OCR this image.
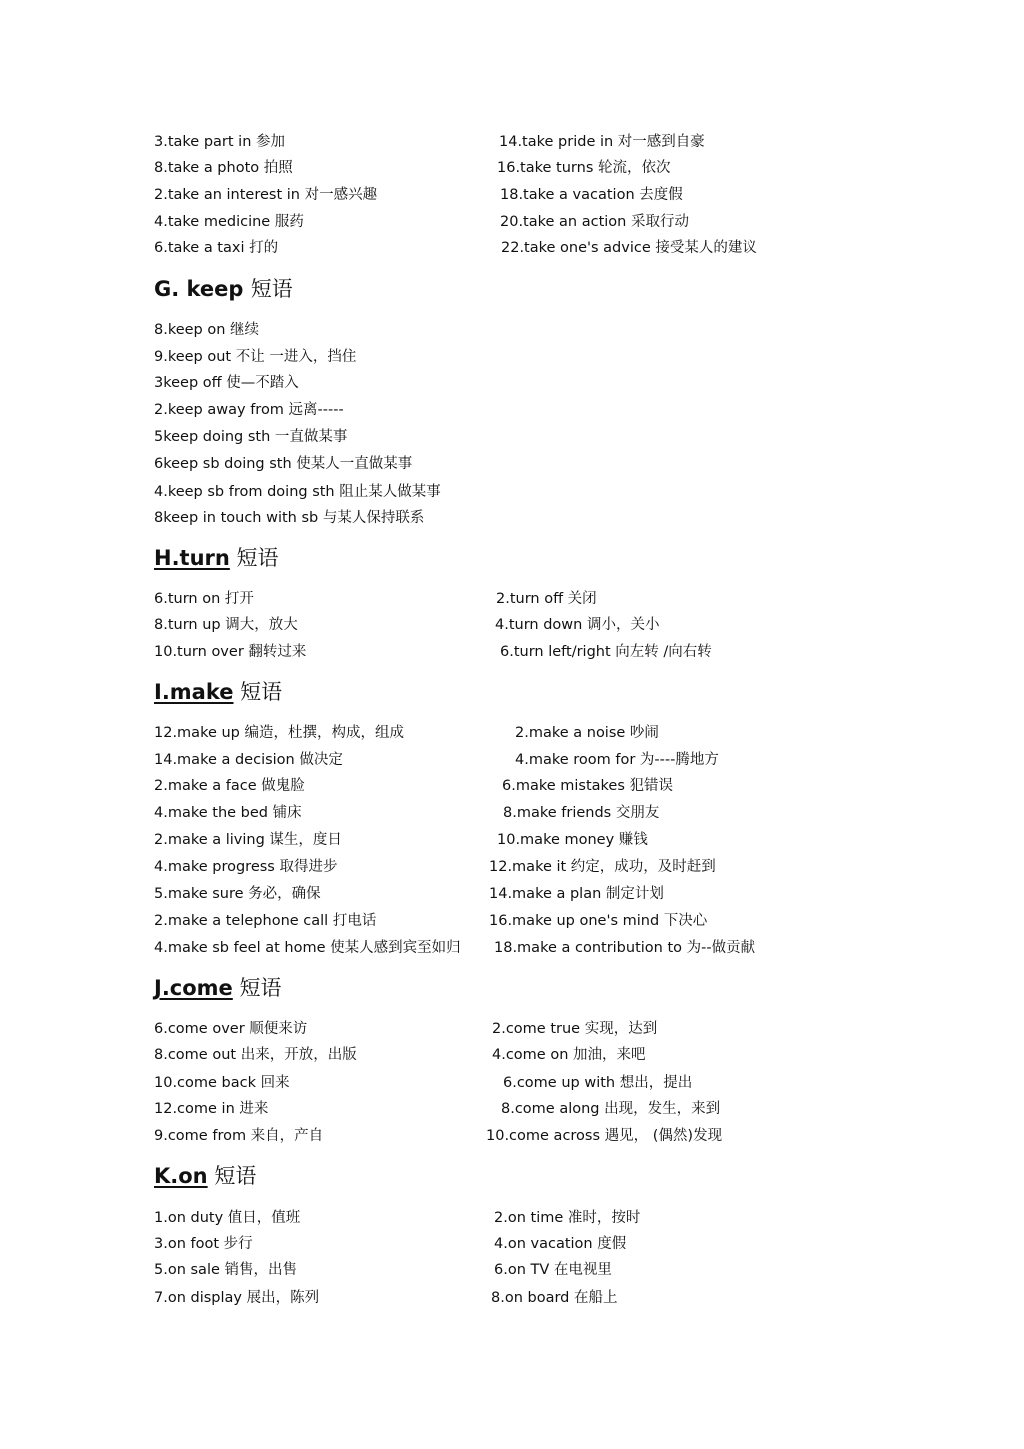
3.take part in 参加	14.take pride in 对一感到自豪
8.take a photo 拍照	16.take turns 轮流，依次
2.take an interest in 对一感兴趣	18.take a vacation 去度假
4.take medicine 服药	20.take an action 采取行动
6.take a taxi 打的	22.take one's advice 接受某人的建议
G. keep 短语
8.keep on 继续
9.keep out 不让 一进入，挡住
3keep off 使—不踏入
2.keep away from 远离-----
5keep doing sth 一直做某事
6keep sb doing sth 使某人一直做某事
4.keep sb from doing sth 阻止某人做某事
8keep in touch with sb 与某人保持联系
H.turn 短语
6.turn on 打开	2.turn off 关闭
8.turn up 调大，放大	4.turn down 调小，关小
10.turn over 翻转过来	6.turn left/right 向左转 /向右转
I.make 短语
12.make up 编造，杜撰，构成，组成	2.make a noise 吵闹
14.make a decision 做决定	4.make room for 为----腾地方
2.make a face 做鬼脸	6.make mistakes 犯错误
4.make the bed 铺床	8.make friends 交朋友
2.make a living 谋生，度日	10.make money 赚钱
4.make progress 取得进步	12.make it 约定，成功，及时赶到
5.make sure 务必，确保	14.make a plan 制定计划
2.make a telephone call 打电话	16.make up one's mind 下决心
4.make sb feel at home 使某人感到宾至如归 18.make a contribution to 为--做贡献
J.come 短语
6.come over 顺便来访	2.come true 实现，达到
8.come out 出来，开放，出版	4.come on 加油，来吧
10.come back 回来	6.come up with 想出，提出
12.come in 进来	8.come along 出现，发生，来到
9.come from 来自，产自	10.come across 遇见， (偶然)发现
K.on 短语
1.on duty 值日，值班	2.on time 准时，按时
3.on foot 步行	4.on vacation 度假
5.on sale 销售，出售	6.on TV 在电视里
7.on display 展出，陈列	8.on board 在船上
